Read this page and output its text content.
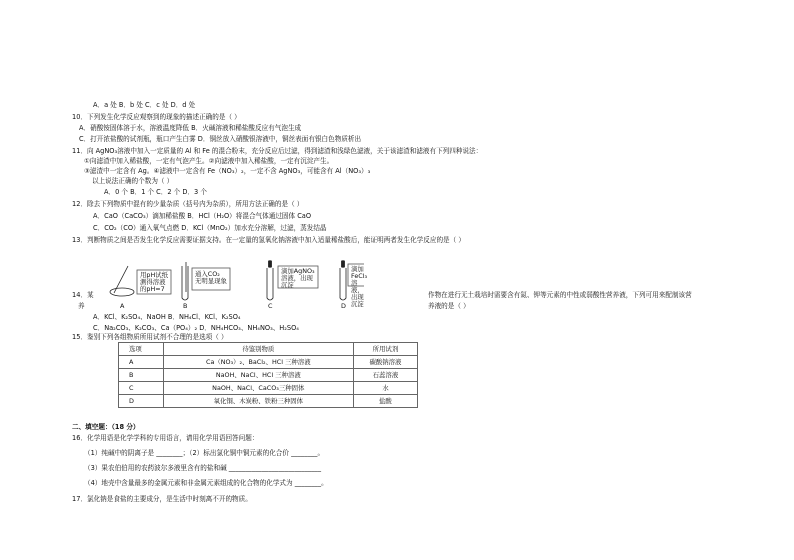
A．a 处 B．b 处 C．c 处 D．d 处
10．下列发生化学反应观察到的现象的描述正确的是（ ）
A．硝酸铵固体溶于水，溶液温度降低 B．火碱溶液和稀盐酸反应有气泡生成
C．打开浓盐酸的试剂瓶，瓶口产生白雾 D．铜丝放入硝酸银溶液中，铜丝表面有银白色物质析出
11．向 AgNO₃溶液中加入一定质量的 Al 和 Fe 的混合粉末，充分反应后过滤，得到滤渣和浅绿色滤液，关于该滤渣和滤液有下列四种说法：
①向滤渣中加入稀盐酸，一定有气泡产生。②向滤液中加入稀盐酸，一定有沉淀产生。
③滤渣中一定含有 Ag。④滤液中一定含有 Fe（NO₃）₂，一定不含 AgNO₃，可能含有 Al（NO₃）₃
以上说法正确的个数为（ ）
A．0 个 B．1 个 C．2 个 D．3 个
12．除去下列物质中混有的少量杂质（括号内为杂质），所用方法正确的是（ ）
A．CaO（CaCO₃）滴加稀盐酸 B．HCl（H₂O）将混合气体通过固体 CaO
C．CO₂（CO）通入氧气点燃 D．KCl（MnO₂）加水充分溶解，过滤，蒸发结晶
13．判断物质之间是否发生化学反应需要证据支持。在一定量的氢氧化钠溶液中加入适量稀盐酸后，能证明两者发生化学反应的是（ ）
用pH试纸
测得溶液
的pH=7
通入CO₂
无明显现象
滴加AgNO₃
溶液，出现
沉淀
滴加 FeCl₃
溶液，出现
沉淀
A	B	C	D
14．某
养
作物在进行无土栽培时需要含有氮、钾等元素的中性或弱酸性营养液，下列可用来配制该营
养液的是（ ）
A．KCl、K₂SO₄、NaOH B．NH₄Cl、KCl、K₂SO₄
C．Na₂CO₃、K₂CO₃、Ca（PO₄）₂ D．NH₄HCO₃、NH₄NO₃、H₂SO₄
15．鉴别下列各组物质所用试剂不合理的是选项（ ）
选项	待鉴别物质	所用试剂
A	Ca（NO₃）₂、BaCl₂、HCl 三种溶液	碳酸钠溶液
B	NaOH、NaCl、HCl 三种溶液	石蕊溶液
C	NaOH、NaCl、CaCO₃三种固体	水
D	氧化铜、木炭粉、铁粉三种固体	盐酸
二、填空题：（18 分）
16．化学用语是化学学科的专用语言，请用化学用语回答问题：
（1）纯碱中的阴离子是 ________；（2）标出氯化铜中铜元素的化合价 ________。
（3）果农伯伯用的农药波尔多液里含有的盐和碱 ____________________________
（4）地壳中含量最多的金属元素和非金属元素组成的化合物的化学式为 ________。
17．氯化钠是食盐的主要成分，是生活中时刻离不开的物质。
